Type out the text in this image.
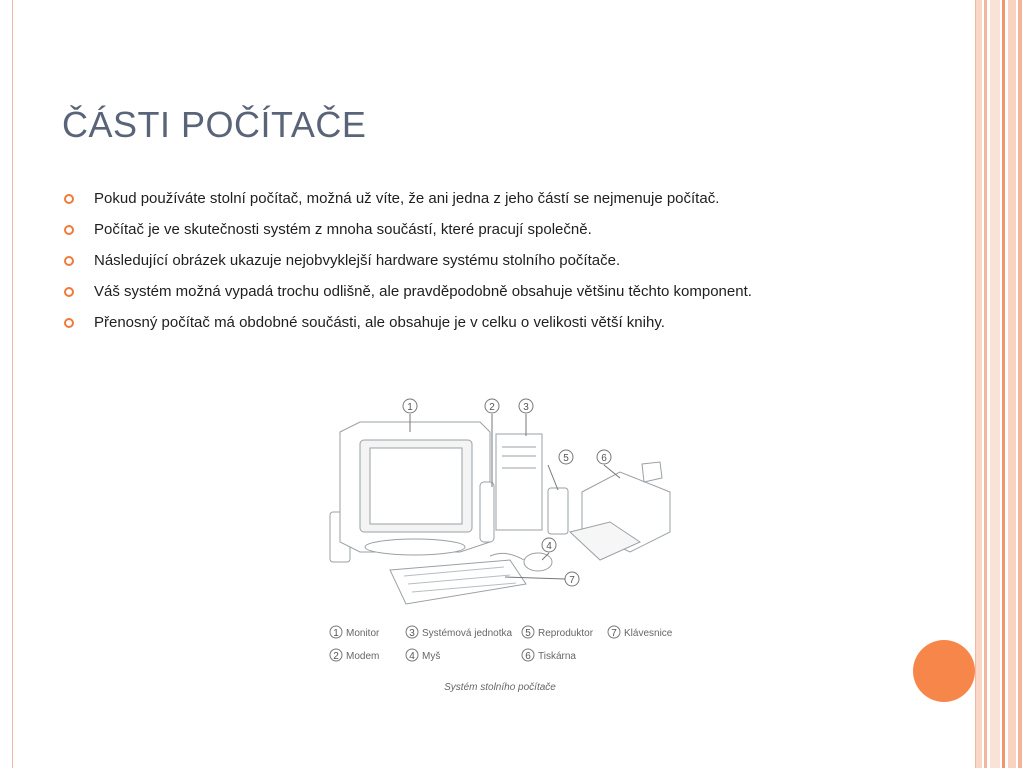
ČÁSTI POČÍTAČE
Pokud používáte stolní počítač, možná už víte, že ani jedna z jeho částí se nejmenuje počítač.
Počítač je ve skutečnosti systém z mnoha součástí, které pracují společně.
Následující obrázek ukazuje nejobvyklejší hardware systému stolního počítače.
Váš systém možná vypadá trochu odlišně, ale pravděpodobně obsahuje většinu těchto komponent.
Přenosný počítač má obdobné součásti, ale obsahuje je v celku o velikosti větší knihy.
1	2	3
5	6
4
7
1
2
3
4
5
6
7
Monitor
Modem
Systémová jednotka
Myš
Reproduktor
Tiskárna
Klávesnice
Systém stolního počítače
